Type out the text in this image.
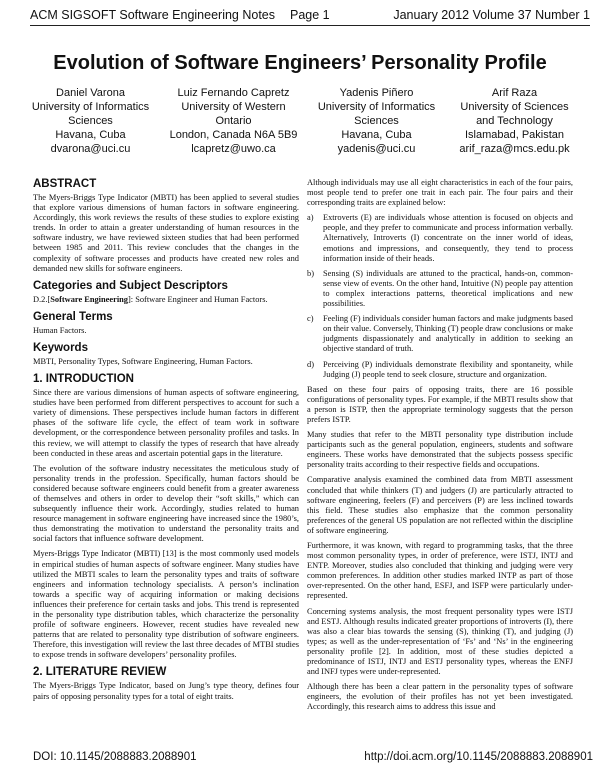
ACM SIGSOFT Software Engineering Notes Page 1	January 2012 Volume 37 Number 1
Evolution of Software Engineers’ Personality Profile
Daniel Varona
University of Informatics
Sciences
Havana, Cuba
dvarona@uci.cu
Luiz Fernando Capretz
University of Western
Ontario
London, Canada N6A 5B9
lcapretz@uwo.ca
Yadenis Piñero
University of Informatics
Sciences
Havana, Cuba
yadenis@uci.cu
Arif Raza
University of Sciences
and Technology
Islamabad, Pakistan
arif_raza@mcs.edu.pk
ABSTRACT

The Myers-Briggs Type Indicator (MBTI) has been applied to several studies that explore various dimensions of human factors in software engineering. Accordingly, this work reviews the results of these studies to explore existing trends. In order to attain a greater understanding of human resources in the software industry, we have reviewed sixteen studies that had been performed between 1985 and 2011. This review concludes that the changes in the complexity of software processes and products have created new roles and demanded new skills for software engineers.

Categories and Subject Descriptors

D.2.[Software Engineering]: Software Engineer and Human Factors.

General Terms

Human Factors.

Keywords

MBTI, Personality Types, Software Engineering, Human Factors.

1. INTRODUCTION

Since there are various dimensions of human aspects of software engineering, studies have been performed from different perspectives to account for such a variety of dimensions. These perspectives include human factors in different phases of the software life cycle, the effect of team work in software development, or the correspondence between personality profiles and tasks. In this review, we will attempt to classify the types of research that have already been conducted in these areas and ascertain potential gaps in the literature.

The evolution of the software industry necessitates the meticulous study of personality trends in the profession. Specifically, human factors should be considered because software engineers could benefit from a greater awareness of themselves and others in order to develop their “soft skills,” which can subsequently influence their work. Accordingly, studies related to human resource management in software engineering have increased since the 1980’s, thus demonstrating the motivation to understand the personality traits and social factors that influence software development.

Myers-Briggs Type Indicator (MBTI) [13] is the most commonly used models in empirical studies of human aspects of software engineer. Many studies have utilized the MBTI scales to learn the personality types and traits of software engineers and information technology specialists. A person’s inclination towards a specific way of acquiring information or making decisions influences their preference for certain tasks and jobs. This trend is represented in the personality type distribution tables, which characterize the personality profile of software engineers. However, recent studies have revealed new patterns that are related to personality type distribution of software engineers. Therefore, this investigation will review the last three decades of MTBI studies to expose trends in software developers’ personality profiles.

2. LITERATURE REVIEW

The Myers-Briggs Type Indicator, based on Jung’s type theory, defines four pairs of opposing personality types for a total of eight traits.

Although individuals may use all eight characteristics in each of the four pairs, most people tend to prefer one trait in each pair. The four pairs and their corresponding traits are explained below:

a) Extroverts (E) are individuals whose attention is focused on objects and people, and they prefer to communicate and process information verbally. Alternatively, Introverts (I) concentrate on the inner world of ideas, emotions and impressions, and consequently, they tend to process information inside of their heads.
b) Sensing (S) individuals are attuned to the practical, hands-on, common-sense view of events. On the other hand, Intuitive (N) people pay attention to complex interactions patterns, theoretical implications and new possibilities.
c) Feeling (F) individuals consider human factors and make judgments based on their value. Conversely, Thinking (T) people draw conclusions or make judgments dispassionately and analytically in addition to seeking an objective standard of truth.
d) Perceiving (P) individuals demonstrate flexibility and spontaneity, while Judging (J) people tend to seek closure, structure and organization.

Based on these four pairs of opposing traits, there are 16 possible configurations of personality types. For example, if the MBTI results show that a person is ISTP, then the appropriate terminology suggests that the person prefers ISTP.

Many studies that refer to the MBTI personality type distribution include participants such as the general population, engineers, students and software engineers. These works have demonstrated that the subjects possess specific personality traits according to their respective fields and occupations.

Comparative analysis examined the combined data from MBTI assessment concluded that while thinkers (T) and judgers (J) are particularly attracted to software engineering, feelers (F) and perceivers (P) are less inclined towards this field. These studies also emphasize that the common personality preferences of the general US population are not reflected within the discipline of software engineering.

Furthermore, it was known, with regard to programming tasks, that the three most common personality types, in order of preference, were ISTJ, INTJ and ENTP. Moreover, studies also concluded that thinking and judging were very common preferences. In addition other studies marked INTP as part of those over-represented. On the other hand, ESFJ, and ISFP were particularly under-represented.

Concerning systems analysis, the most frequent personality types were ISTJ and ESTJ. Although results indicated greater proportions of introverts (I), there was also a clear bias towards the sensing (S), thinking (T), and judging (J) types; as well as the under-representation of ‘Fs’ and ‘Ns’ in the engineering personality profile [2]. In addition, most of these studies depicted a predominance of ISTJ, INTJ and ESTJ personality types, whereas the ENFJ and INFJ types were under-represented.

Although there has been a clear pattern in the personality types of software engineers, the evolution of their profiles has not yet been investigated. Accordingly, this research aims to address this issue and

DOI: 10.1145/2088883.2088901	http://doi.acm.org/10.1145/2088883.2088901
